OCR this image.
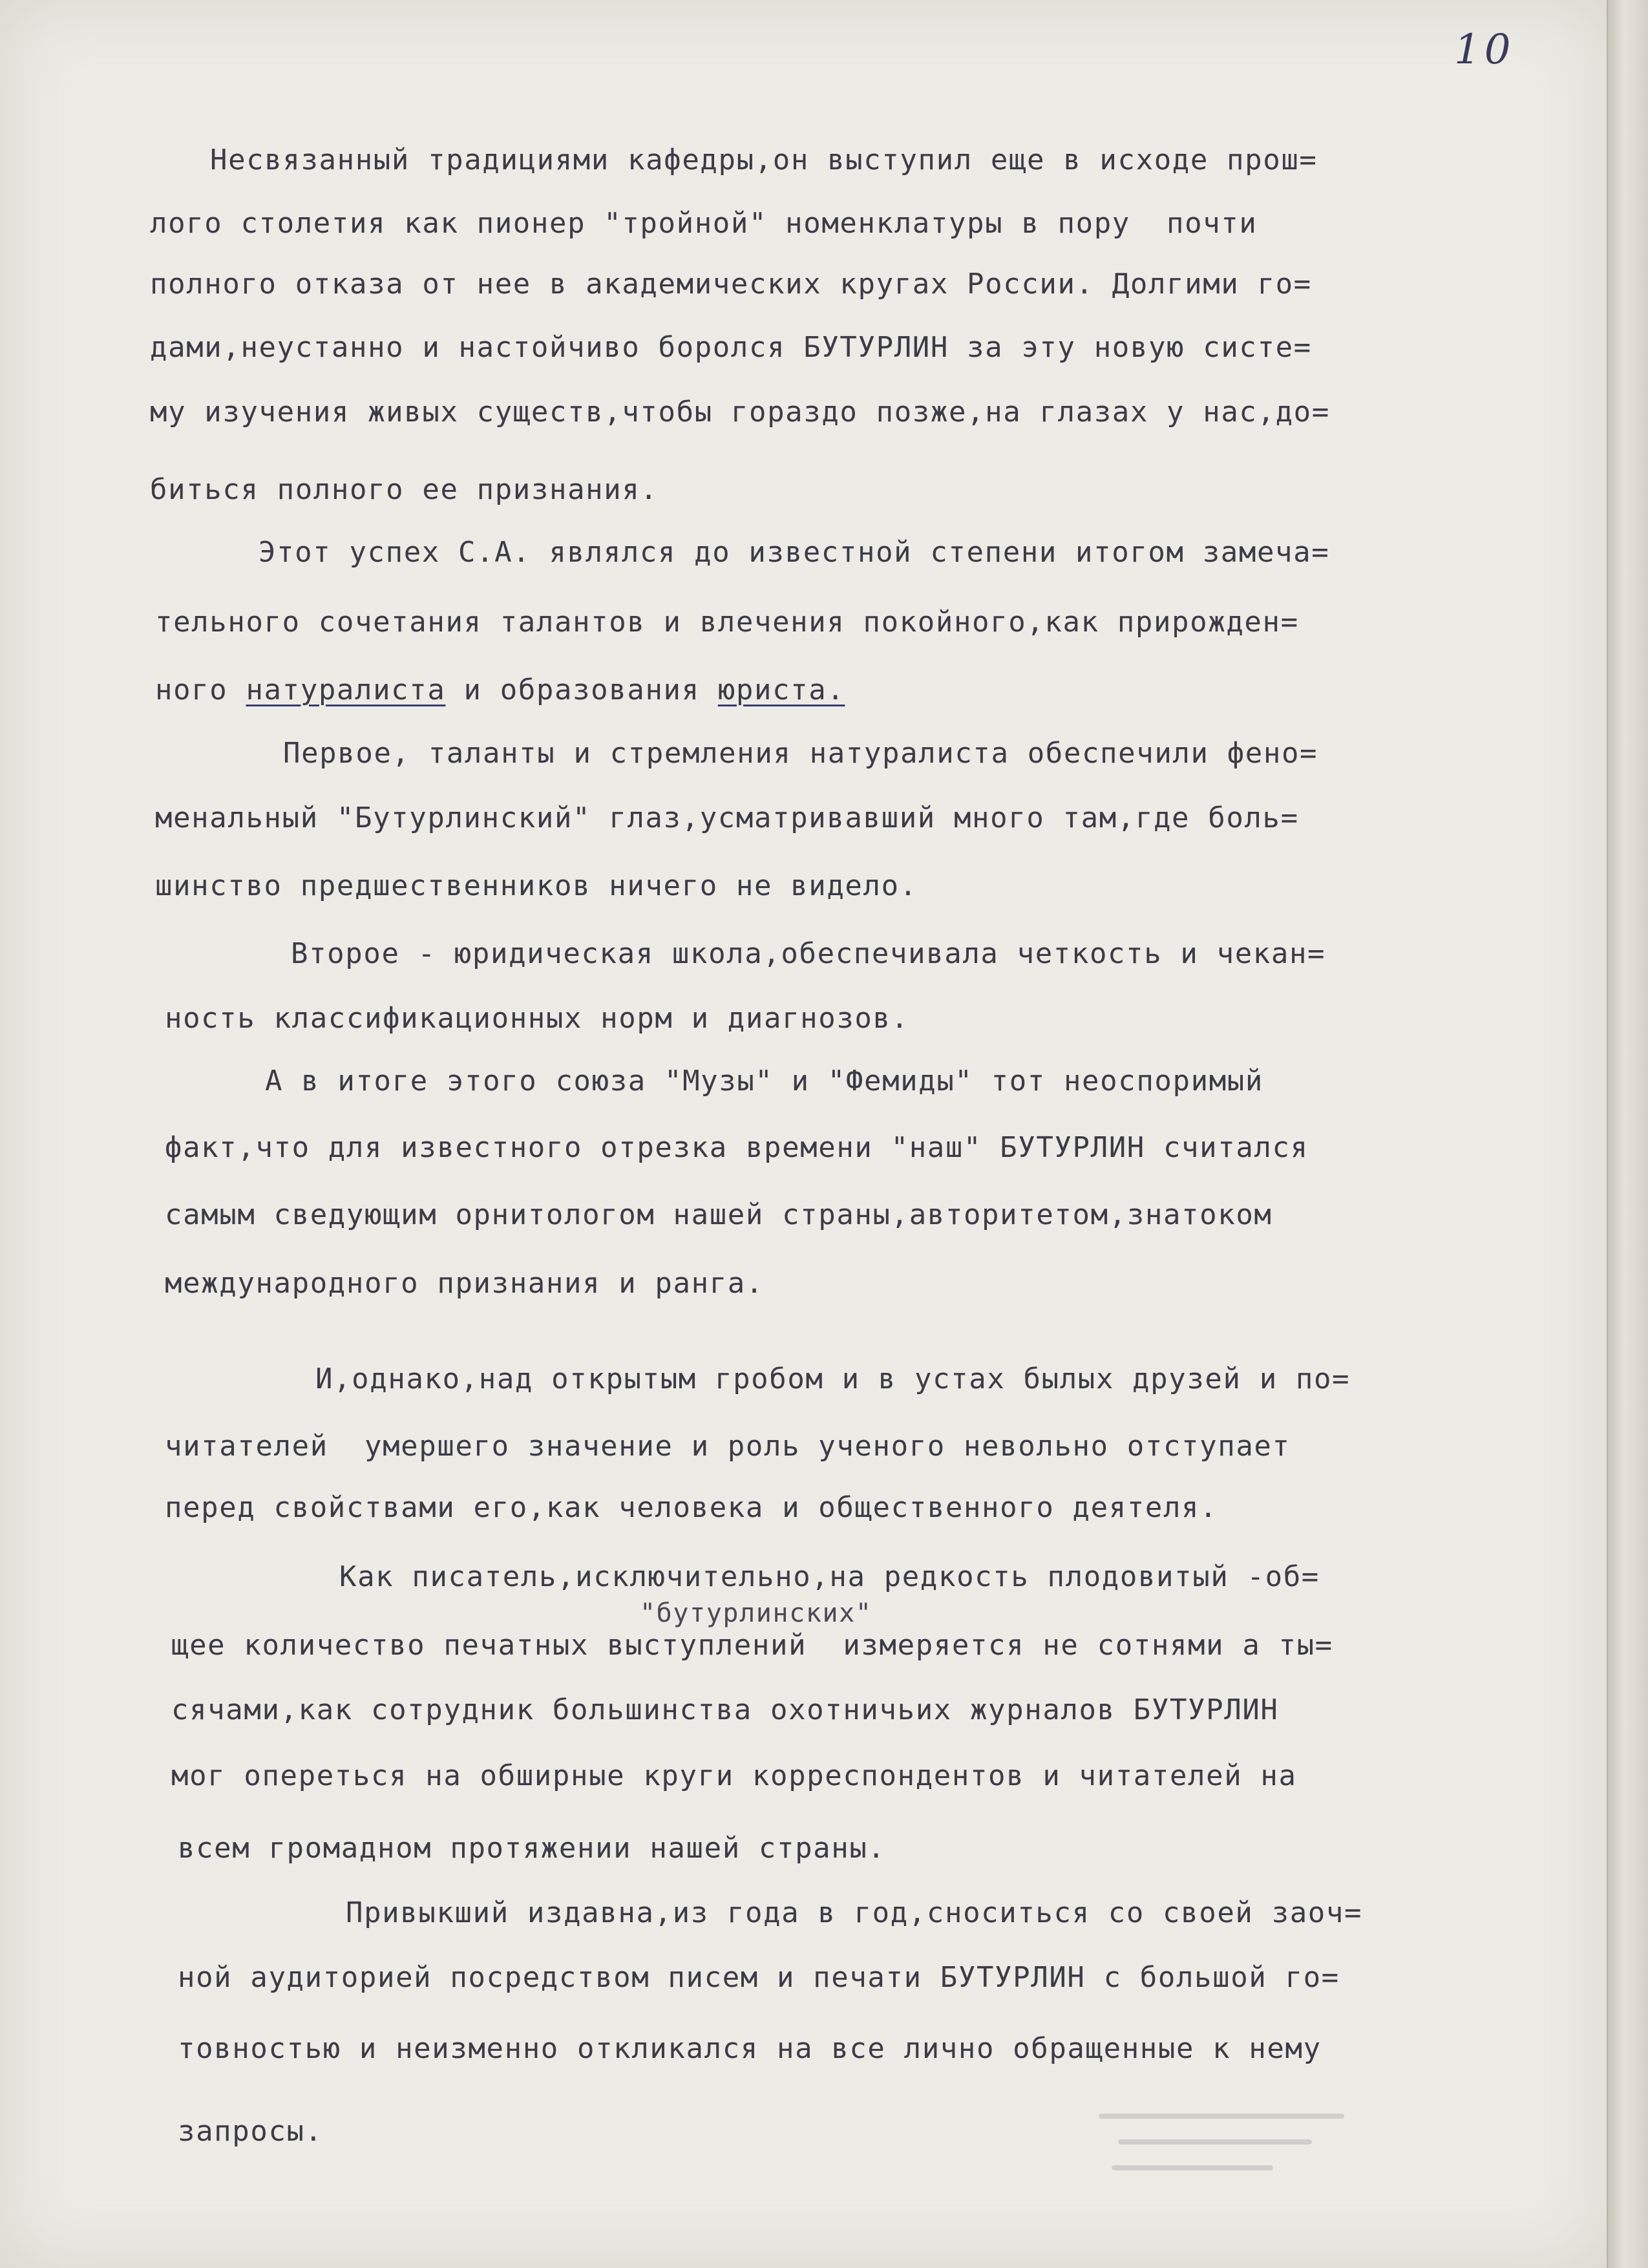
10
Несвязанный традициями кафедры,он выступил еще в исходе прош=
лого столетия как пионер "тройной" номенклатуры в пору  почти
полного отказа от нее в академических кругах России. Долгими го=
дами,неустанно и настойчиво боролся БУТУРЛИН за эту новую систе=
му изучения живых существ,чтобы гораздо позже,на глазах у нас,до=
биться полного ее признания.
Этот успех С.А. являлся до известной степени итогом замеча=
тельного сочетания талантов и влечения покойного,как прирожден=
ного натуралиста и образования юриста.
Первое, таланты и стремления натуралиста обеспечили фено=
менальный "Бутурлинский" глаз,усматривавший много там,где боль=
шинство предшественников ничего не видело.
Второе - юридическая школа,обеспечивала четкость и чекан=
ность классификационных норм и диагнозов.
А в итоге этого союза "Музы" и "Фемиды" тот неоспоримый
факт,что для известного отрезка времени "наш" БУТУРЛИН считался
самым сведующим орнитологом нашей страны,авторитетом,знатоком
международного признания и ранга.
И,однако,над открытым гробом и в устах былых друзей и по=
читателей  умершего значение и роль ученого невольно отступает
перед свойствами его,как человека и общественного деятеля.
Как писатель,исключительно,на редкость плодовитый -об=
"бутурлинских"
щее количество печатных выступлений  измеряется не сотнями а ты=
сячами,как сотрудник большинства охотничьих журналов БУТУРЛИН
мог опереться на обширные круги корреспондентов и читателей на
всем громадном протяжении нашей страны.
Привыкший издавна,из года в год,сноситься со своей заоч=
ной аудиторией посредством писем и печати БУТУРЛИН с большой го=
товностью и неизменно откликался на все лично обращенные к нему
запросы.
